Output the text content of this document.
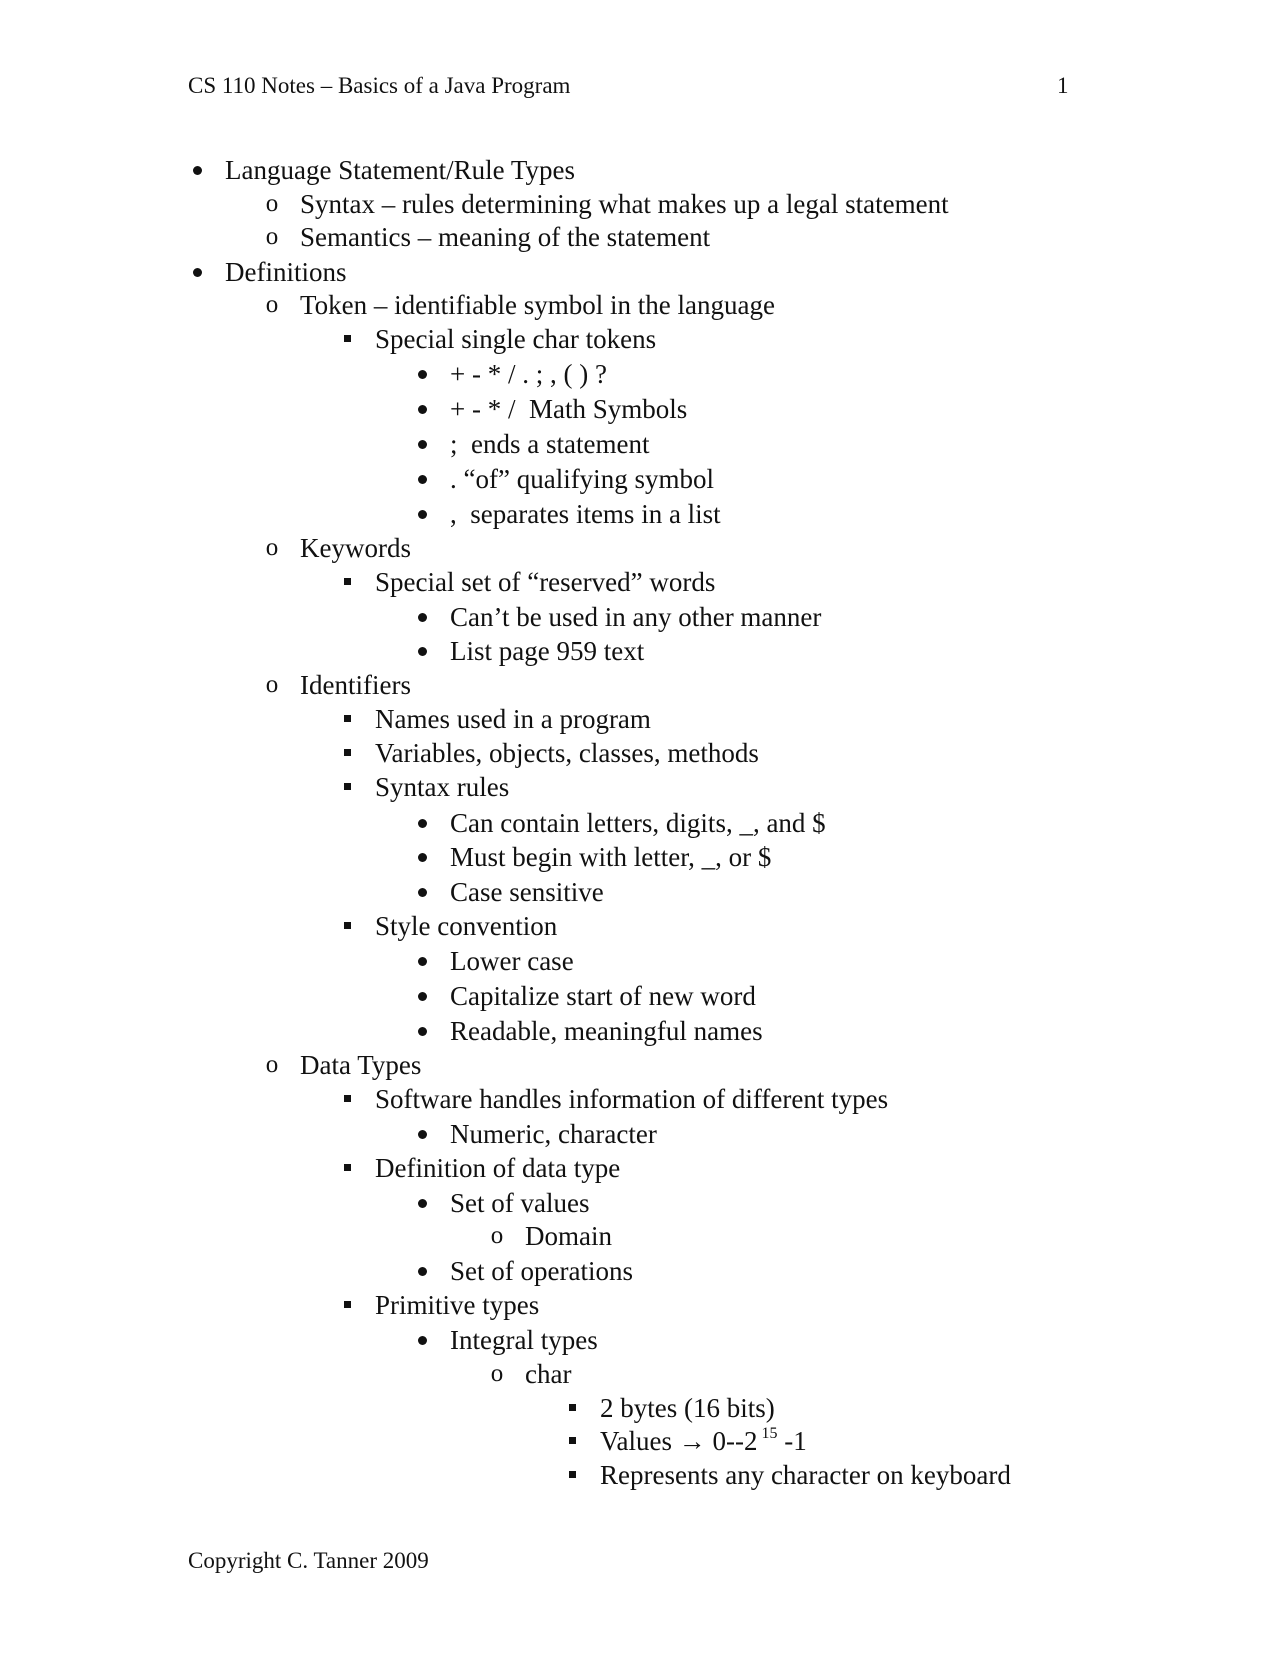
CS 110 Notes – Basics of a Java Program	1
Language Statement/Rule Types
o Syntax – rules determining what makes up a legal statement
o Semantics – meaning of the statement
Definitions
o Token – identifiable symbol in the language
Special single char tokens
+ - * / . ; , ( ) ?
+ - * /  Math Symbols
;  ends a statement
. “of” qualifying symbol
,  separates items in a list
o Keywords
Special set of “reserved” words
Can’t be used in any other manner
List page 959 text
o Identifiers
Names used in a program
Variables, objects, classes, methods
Syntax rules
Can contain letters, digits, _, and $
Must begin with letter, _, or $
Case sensitive
Style convention
Lower case
Capitalize start of new word
Readable, meaningful names
o Data Types
Software handles information of different types
Numeric, character
Definition of data type
Set of values
o Domain
Set of operations
Primitive types
Integral types
o char
2 bytes (16 bits)
Values → 0--2 $^{15}$ -1
Represents any character on keyboard
Copyright C. Tanner 2009
